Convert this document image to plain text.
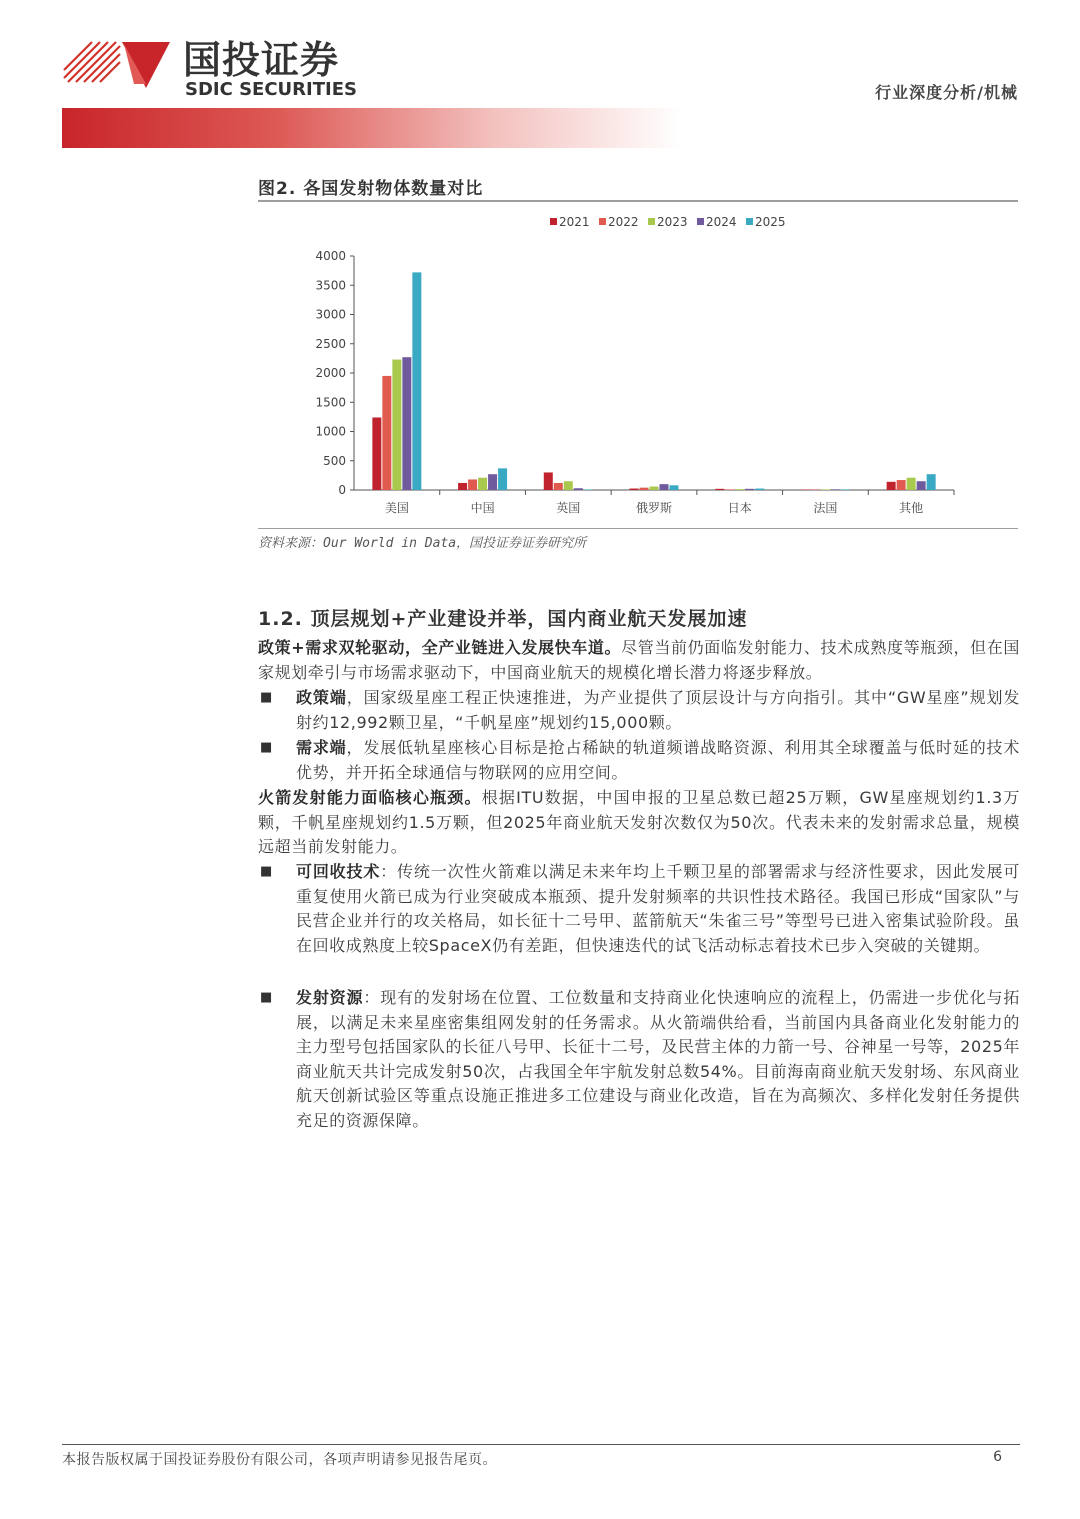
国投证券
SDIC SECURITIES	行业深度分析/机械
图2. 各国发射物体数量对比
0
500
1000
1500
2000
2500
3000
3500
4000
美国	中国	英国	俄罗斯	日本	法国	其他
2021 2022 2023 2024 2025
资料来源：Our World in Data，国投证券证券研究所
1.2. 顶层规划+产业建设并举，国内商业航天发展加速
政策+需求双轮驱动，全产业链进入发展快车道。尽管当前仍面临发射能力、技术成熟度等瓶颈，但在国家规划牵引与市场需求驱动下，中国商业航天的规模化增长潜力将逐步释放。
■ 政策端，国家级星座工程正快速推进，为产业提供了顶层设计与方向指引。其中“GW星座”规划发射约12,992颗卫星，“千帆星座”规划约15,000颗。
■ 需求端，发展低轨星座核心目标是抢占稀缺的轨道频谱战略资源、利用其全球覆盖与低时延的技术优势，并开拓全球通信与物联网的应用空间。
火箭发射能力面临核心瓶颈。根据ITU数据，中国申报的卫星总数已超25万颗，GW星座规划约1.3万颗，千帆星座规划约1.5万颗，但2025年商业航天发射次数仅为50次。代表未来的发射需求总量，规模远超当前发射能力。
■ 可回收技术：传统一次性火箭难以满足未来年均上千颗卫星的部署需求与经济性要求，因此发展可重复使用火箭已成为行业突破成本瓶颈、提升发射频率的共识性技术路径。我国已形成“国家队”与民营企业并行的攻关格局，如长征十二号甲、蓝箭航天“朱雀三号”等型号已进入密集试验阶段。虽在回收成熟度上较SpaceX仍有差距，但快速迭代的试飞活动标志着技术已步入突破的关键期。
■ 发射资源：现有的发射场在位置、工位数量和支持商业化快速响应的流程上，仍需进一步优化与拓展，以满足未来星座密集组网发射的任务需求。从火箭端供给看，当前国内具备商业化发射能力的主力型号包括国家队的长征八号甲、长征十二号，及民营主体的力箭一号、谷神星一号等，2025年商业航天共计完成发射50次，占我国全年宇航发射总数54%。目前海南商业航天发射场、东风商业航天创新试验区等重点设施正推进多工位建设与商业化改造，旨在为高频次、多样化发射任务提供充足的资源保障。
本报告版权属于国投证券股份有限公司，各项声明请参见报告尾页。	6
